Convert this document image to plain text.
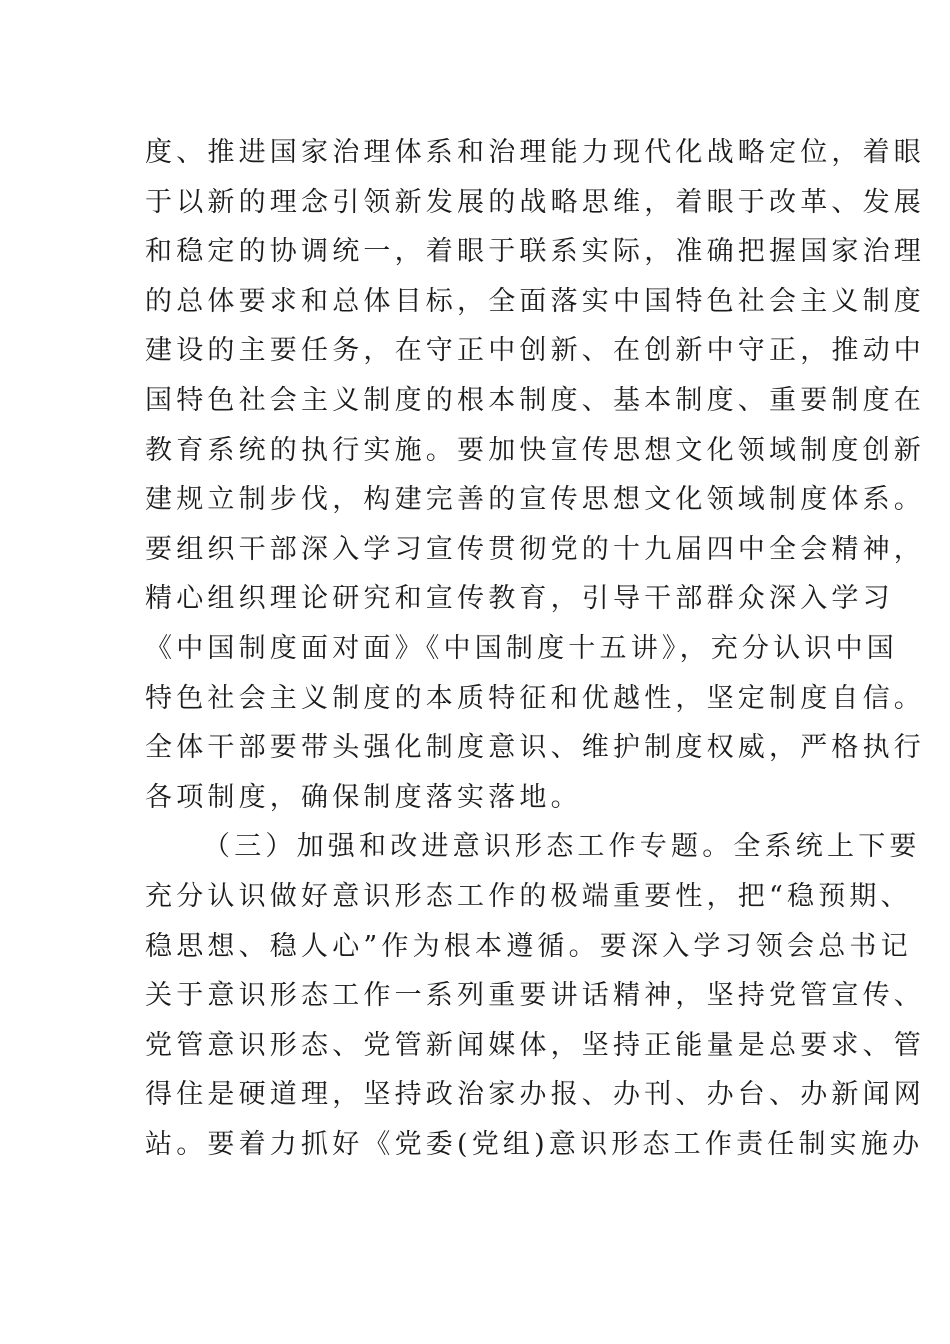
度、推进国家治理体系和治理能力现代化战略定位，着眼
于以新的理念引领新发展的战略思维，着眼于改革、发展
和稳定的协调统一，着眼于联系实际，准确把握国家治理
的总体要求和总体目标，全面落实中国特色社会主义制度
建设的主要任务，在守正中创新、在创新中守正，推动中
国特色社会主义制度的根本制度、基本制度、重要制度在
教育系统的执行实施。要加快宣传思想文化领域制度创新
建规立制步伐，构建完善的宣传思想文化领域制度体系。
要组织干部深入学习宣传贯彻党的十九届四中全会精神，
精心组织理论研究和宣传教育，引导干部群众深入学习
《中国制度面对面》《中国制度十五讲》，充分认识中国
特色社会主义制度的本质特征和优越性，坚定制度自信。
全体干部要带头强化制度意识、维护制度权威，严格执行
各项制度，确保制度落实落地。
（三）加强和改进意识形态工作专题。全系统上下要
充分认识做好意识形态工作的极端重要性，把“稳预期、
稳思想、稳人心”作为根本遵循。要深入学习领会总书记
关于意识形态工作一系列重要讲话精神，坚持党管宣传、
党管意识形态、党管新闻媒体，坚持正能量是总要求、管
得住是硬道理，坚持政治家办报、办刊、办台、办新闻网
站。要着力抓好《党委(党组)意识形态工作责任制实施办
